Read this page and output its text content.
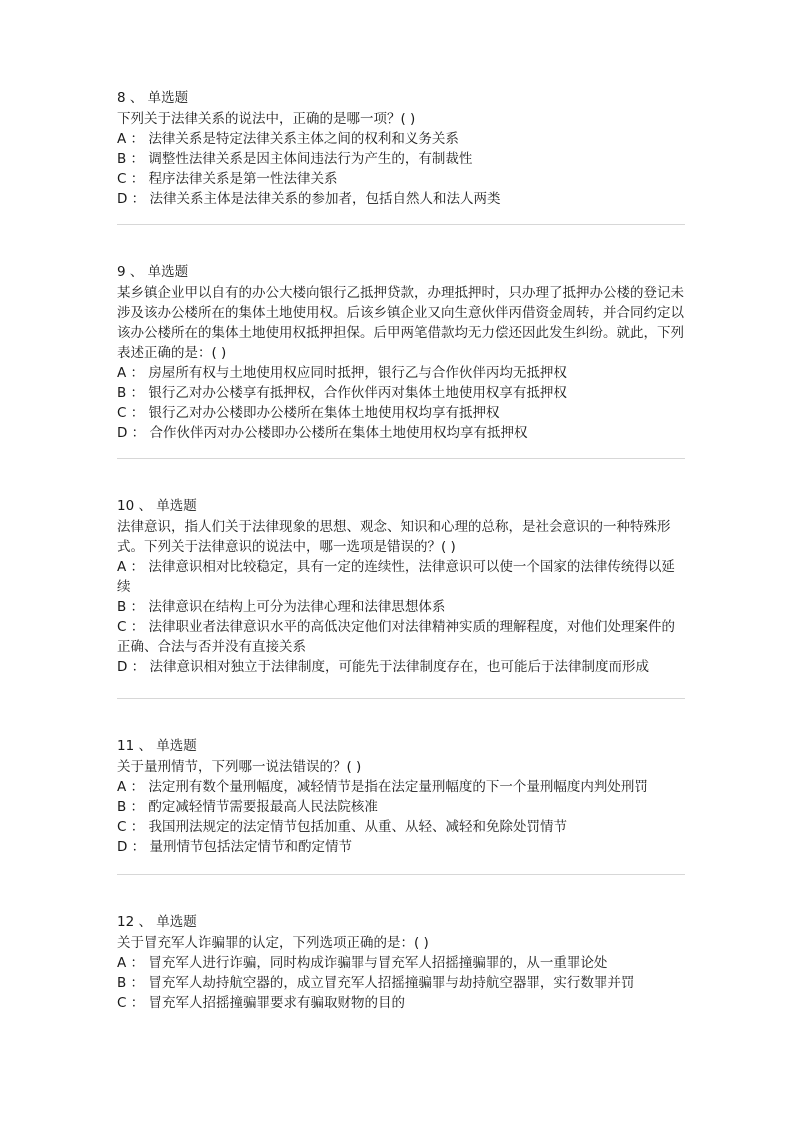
8 、 单选题
下列关于法律关系的说法中，正确的是哪一项？( )
A ： 法律关系是特定法律关系主体之间的权利和义务关系
B ： 调整性法律关系是因主体间违法行为产生的，有制裁性
C ： 程序法律关系是第一性法律关系
D ： 法律关系主体是法律关系的参加者，包括自然人和法人两类
9 、 单选题
某乡镇企业甲以自有的办公大楼向银行乙抵押贷款，办理抵押时，只办理了抵押办公楼的登记未涉及该办公楼所在的集体土地使用权。后该乡镇企业又向生意伙伴丙借资金周转，并合同约定以该办公楼所在的集体土地使用权抵押担保。后甲两笔借款均无力偿还因此发生纠纷。就此，下列表述正确的是：( )
A ： 房屋所有权与土地使用权应同时抵押，银行乙与合作伙伴丙均无抵押权
B ： 银行乙对办公楼享有抵押权，合作伙伴丙对集体土地使用权享有抵押权
C ： 银行乙对办公楼即办公楼所在集体土地使用权均享有抵押权
D ： 合作伙伴丙对办公楼即办公楼所在集体土地使用权均享有抵押权
10 、 单选题
法律意识，指人们关于法律现象的思想、观念、知识和心理的总称，是社会意识的一种特殊形式。下列关于法律意识的说法中，哪一选项是错误的？( )
A ： 法律意识相对比较稳定，具有一定的连续性，法律意识可以使一个国家的法律传统得以延续
B ： 法律意识在结构上可分为法律心理和法律思想体系
C ： 法律职业者法律意识水平的高低决定他们对法律精神实质的理解程度，对他们处理案件的正确、合法与否并没有直接关系
D ： 法律意识相对独立于法律制度，可能先于法律制度存在，也可能后于法律制度而形成
11 、 单选题
关于量刑情节，下列哪一说法错误的？( )
A ： 法定刑有数个量刑幅度，减轻情节是指在法定量刑幅度的下一个量刑幅度内判处刑罚
B ： 酌定减轻情节需要报最高人民法院核准
C ： 我国刑法规定的法定情节包括加重、从重、从轻、减轻和免除处罚情节
D ： 量刑情节包括法定情节和酌定情节
12 、 单选题
关于冒充军人诈骗罪的认定，下列选项正确的是：( )
A ： 冒充军人进行诈骗，同时构成诈骗罪与冒充军人招摇撞骗罪的，从一重罪论处
B ： 冒充军人劫持航空器的，成立冒充军人招摇撞骗罪与劫持航空器罪，实行数罪并罚
C ： 冒充军人招摇撞骗罪要求有骗取财物的目的
